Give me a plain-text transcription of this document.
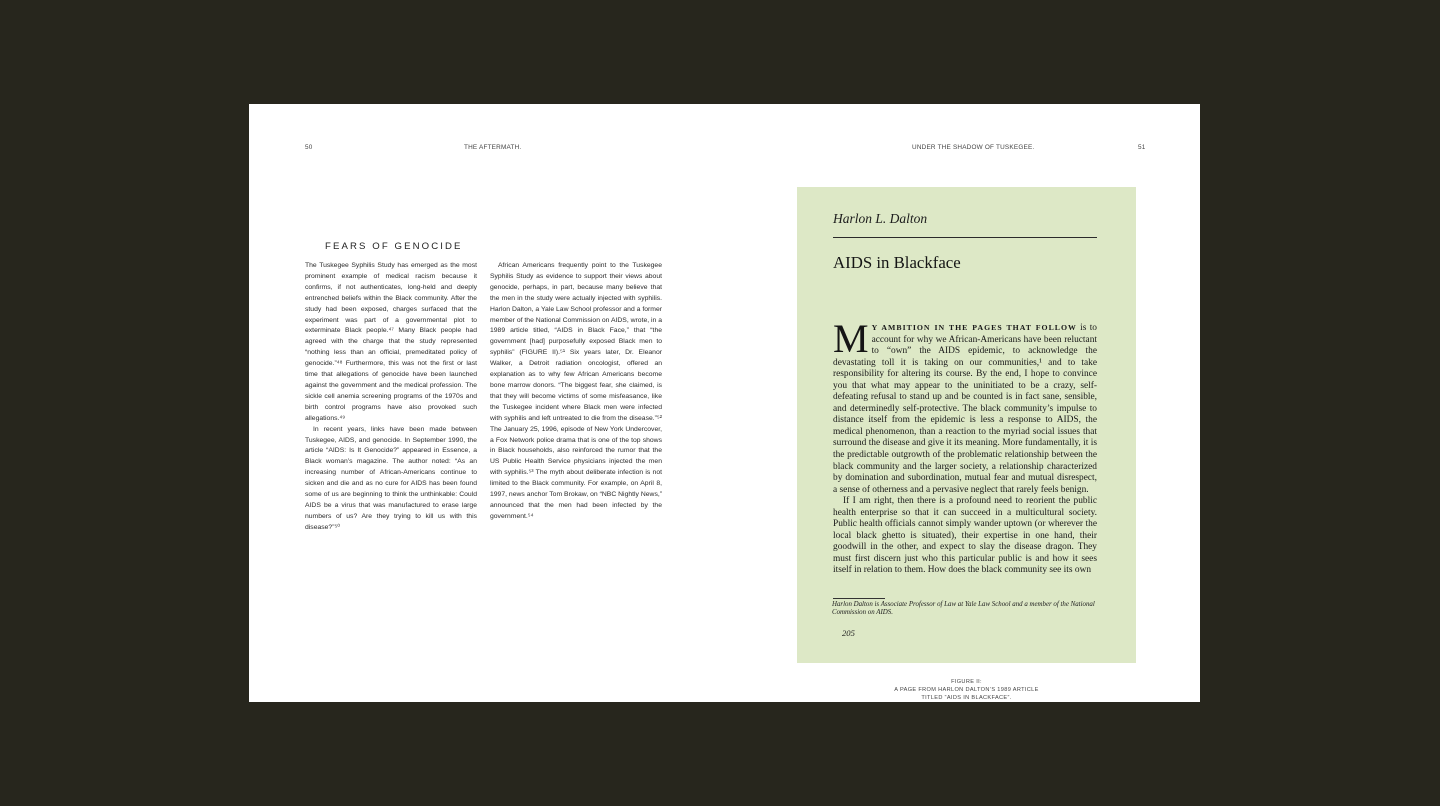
50	THE AFTERMATH.
FEARS OF GENOCIDE

The Tuskegee Syphilis Study has emerged as the most prominent example of medical racism because it confirms, if not authenticates, long-held and deeply entrenched beliefs within the Black community. After the study had been exposed, charges surfaced that the experiment was part of a governmental plot to exterminate Black people.⁴⁷ Many Black people had agreed with the charge that the study represented “nothing less than an official, premeditated policy of genocide.”⁴⁸ Furthermore, this was not the first or last time that allegations of genocide have been launched against the government and the medical profession. The sickle cell anemia screening programs of the 1970s and birth control programs have also provoked such allegations.⁴⁹

In recent years, links have been made between Tuskegee, AIDS, and genocide. In September 1990, the article “AIDS: Is It Genocide?” appeared in Essence, a Black woman’s magazine. The author noted: “As an increasing number of African-Americans continue to sicken and die and as no cure for AIDS has been found some of us are beginning to think the unthinkable: Could AIDS be a virus that was manufactured to erase large numbers of us? Are they trying to kill us with this disease?”⁵⁰

African Americans frequently point to the Tuskegee Syphilis Study as evidence to support their views about genocide, perhaps, in part, because many believe that the men in the study were actually injected with syphilis. Harlon Dalton, a Yale Law School professor and a former member of the National Commission on AIDS, wrote, in a 1989 article titled, “AIDS in Black Face,” that “the government [had] purposefully exposed Black men to syphilis” (FIGURE II).⁵¹ Six years later, Dr. Eleanor Walker, a Detroit radiation oncologist, offered an explanation as to why few African Americans become bone marrow donors. “The biggest fear, she claimed, is that they will become victims of some misfeasance, like the Tuskegee incident where Black men were infected with syphilis and left untreated to die from the disease.”⁵² The January 25, 1996, episode of New York Undercover, a Fox Network police drama that is one of the top shows in Black households, also reinforced the rumor that the US Public Health Service physicians injected the men with syphilis.⁵³ The myth about deliberate infection is not limited to the Black community. For example, on April 8, 1997, news anchor Tom Brokaw, on “NBC Nightly News,” announced that the men had been infected by the government.⁵⁴

UNDER THE SHADOW OF TUSKEGEE.	51
Harlon L. Dalton
AIDS in Blackface

M Y AMBITION IN THE PAGES THAT FOLLOW is to account for why we African-Americans have been reluctant to “own” the AIDS epidemic, to acknowledge the devastating toll it is taking on our communities,¹ and to take responsibility for altering its course. By the end, I hope to convince you that what may appear to the uninitiated to be a crazy, self-defeating refusal to stand up and be counted is in fact sane, sensible, and determinedly self-protective. The black community’s impulse to distance itself from the epidemic is less a response to AIDS, the medical phenomenon, than a reaction to the myriad social issues that surround the disease and give it its meaning. More fundamentally, it is the predictable outgrowth of the problematic relationship between the black community and the larger society, a relationship characterized by domination and subordination, mutual fear and mutual disrespect, a sense of otherness and a pervasive neglect that rarely feels benign.

If I am right, then there is a profound need to reorient the public health enterprise so that it can succeed in a multicultural society. Public health officials cannot simply wander uptown (or wherever the local black ghetto is situated), their expertise in one hand, their goodwill in the other, and expect to slay the disease dragon. They must first discern just who this particular public is and how it sees itself in relation to them. How does the black community see its own

Harlon Dalton is Associate Professor of Law at Yale Law School and a member of the National Commission on AIDS.
205
FIGURE II:
A PAGE FROM HARLON DALTON’S 1989 ARTICLE
TITLED “AIDS IN BLACKFACE”.
